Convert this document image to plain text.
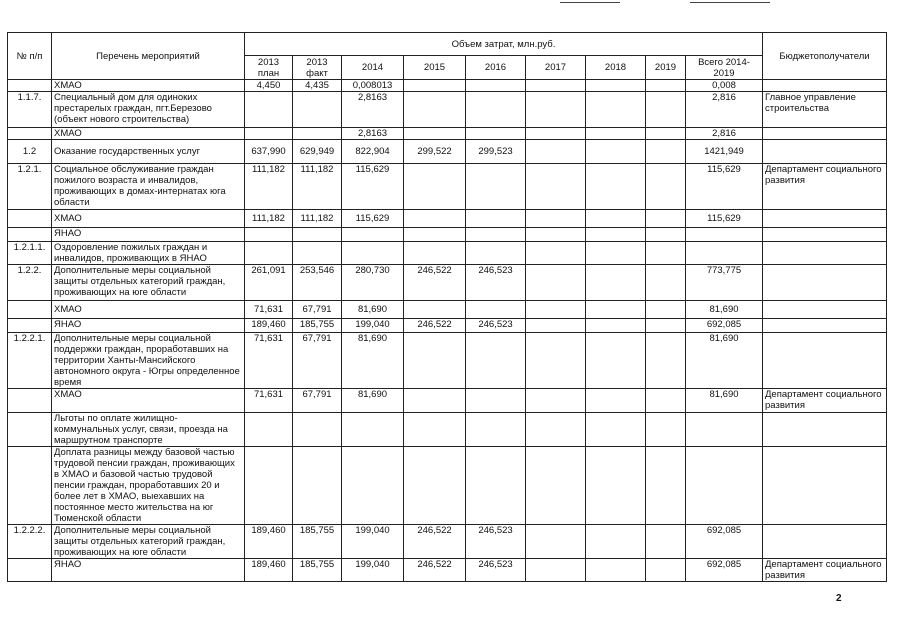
№ п/п	Перечень мероприятий	Объем затрат, млн.руб.									Бюджетополучатели
		2013 план	2013 факт	2014	2015	2016	2017	2018	2019	Всего 2014-2019	
	ХМАО	4,450	4,435	0,008013						0,008	
1.1.7.	Специальный дом для одиноких престарелых граждан, пгт.Березово (объект нового строительства)			2,8163						2,816	Главное управление строительства
	ХМАО			2,8163						2,816	
1.2	Оказание государственных услуг	637,990	629,949	822,904	299,522	299,523				1421,949	
1.2.1.	Социальное обслуживание граждан пожилого возраста и инвалидов, проживающих в домах-интернатах юга области	111,182	111,182	115,629						115,629	Департамент социального развития
	ХМАО	111,182	111,182	115,629						115,629	
	ЯНАО										
1.2.1.1.	Оздоровление пожилых граждан и инвалидов, проживающих в ЯНАО										
1.2.2.	Дополнительные меры социальной защиты отдельных категорий граждан, проживающих на юге области	261,091	253,546	280,730	246,522	246,523				773,775	
	ХМАО	71,631	67,791	81,690						81,690	
	ЯНАО	189,460	185,755	199,040	246,522	246,523				692,085	
1.2.2.1.	Дополнительные меры социальной поддержки граждан, проработавших на территории Ханты-Мансийского автономного округа - Югры определенное время	71,631	67,791	81,690						81,690	
	ХМАО	71,631	67,791	81,690						81,690	Департамент социального развития
	Льготы по оплате жилищно-коммунальных услуг, связи, проезда на маршрутном транспорте										
	Доплата разницы между базовой частью трудовой пенсии граждан, проживающих в ХМАО и базовой частью трудовой пенсии граждан, проработавших 20 и более лет в ХМАО, выехавших на постоянное место жительства на юг Тюменской области										
1.2.2.2.	Дополнительные меры социальной защиты отдельных категорий граждан, проживающих на юге области	189,460	185,755	199,040	246,522	246,523				692,085	
	ЯНАО	189,460	185,755	199,040	246,522	246,523				692,085	Департамент социального развития
2
